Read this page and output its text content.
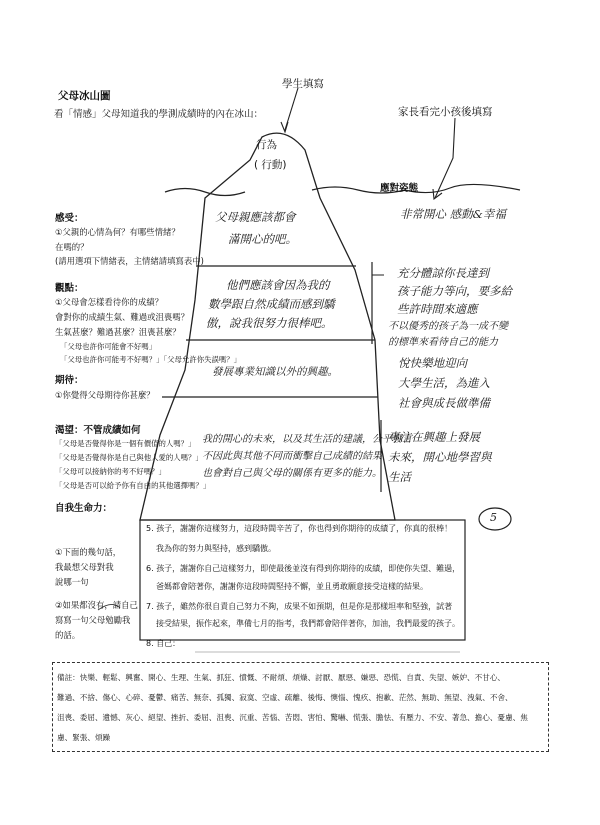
父母冰山圖
看「情感」父母知道我的學測成績時的內在冰山：
學生填寫
家長看完小孩後填寫
行為
( 行動)
應對姿態
非常開心 感動&幸福
父母親應該都會
滿開心的吧。
他們應該會因為我的
數學跟自然成績而感到驕
傲，說我很努力很棒吧。
發展專業知識以外的興趣。
我的開心的未來，以及其生活的建議，公平發言
不因此與其他不同而衝擊自己成績的結果
也會對自己與父母的關係有更多的能力。
充分體諒你長達到
孩子能力等向，要多給
些許時間來適應
不以優秀的孩子為一成不變
的標準來看待自己的能力
悅快樂地迎向
大學生活，為進入
社會與成長做準備
專注在興趣上發展
未來，開心地學習與
生活
5
感受：
①父親的心情為何？有哪些情緒？
在嗎的？
(請用選項下情緒表，主情緒請填寫表中)
觀點：
①父母會怎樣看待你的成績？
會對你的成績生氣、難過或沮喪嗎？
生氣甚麼？難過甚麼？沮喪甚麼？
「父母也許你可能會不好嗎」
「父母也許你可能考不好嗎？」「父母允許你失誤嗎？」
期待：
①你覺得父母期待你甚麼？
渴望：不管成績如何
「父母是否覺得你是一個有價值的人嗎？」
「父母是否覺得你是自己與他人愛的人嗎？」
「父母可以接納你的考不好嗎？」
「父母是否可以給予你有自由的其他選擇嗎？」
自我生命力：
①下面的幾句話，
我最想父母對我
說哪一句
②如果都沒有，請自己
寫寫一句父母勉勵我
的話。
5. 孩子，謝謝你這樣努力，這段時間辛苦了，你也得到你期待的成績了，你真的很棒！
我為你的努力與堅持，感到驕傲。
6. 孩子，謝謝你自己這樣努力，即使最後並沒有得到你期待的成績，即使你失望、難過，
爸媽都會陪著你，謝謝你這段時間堅持不懈，並且勇敢願意接受這樣的結果。
7. 孩子，雖然你很自責自己努力不夠，成果不如預期，但是你是那樣坦率和堅強，試著
接受結果，振作起來，準備七月的指考，我們都會陪伴著你，加油，我們最愛的孩子。
8. 自己：
備註：快樂、輕鬆、興奮、開心、生理、生氣、抓狂、憤慨、不耐煩、煩燥、討厭、厭惡、嫌惡、恐慌、自責、失望、嫉妒、不甘心、
難過、不捨、傷心、心碎、憂鬱、痛苦、無奈、孤獨、寂寞、空虛、疏離、後悔、懊惱、愧疚、抱歉、茫然、無助、無望、洩氣、不舍、
沮喪、委屈、遺憾、灰心、絕望、挫折、委屈、沮喪、沉重、苦惱、苦悶、害怕、驚嚇、慌張、膽怯、有壓力、不安、著急、擔心、憂慮、焦
慮、緊張、煩躁
